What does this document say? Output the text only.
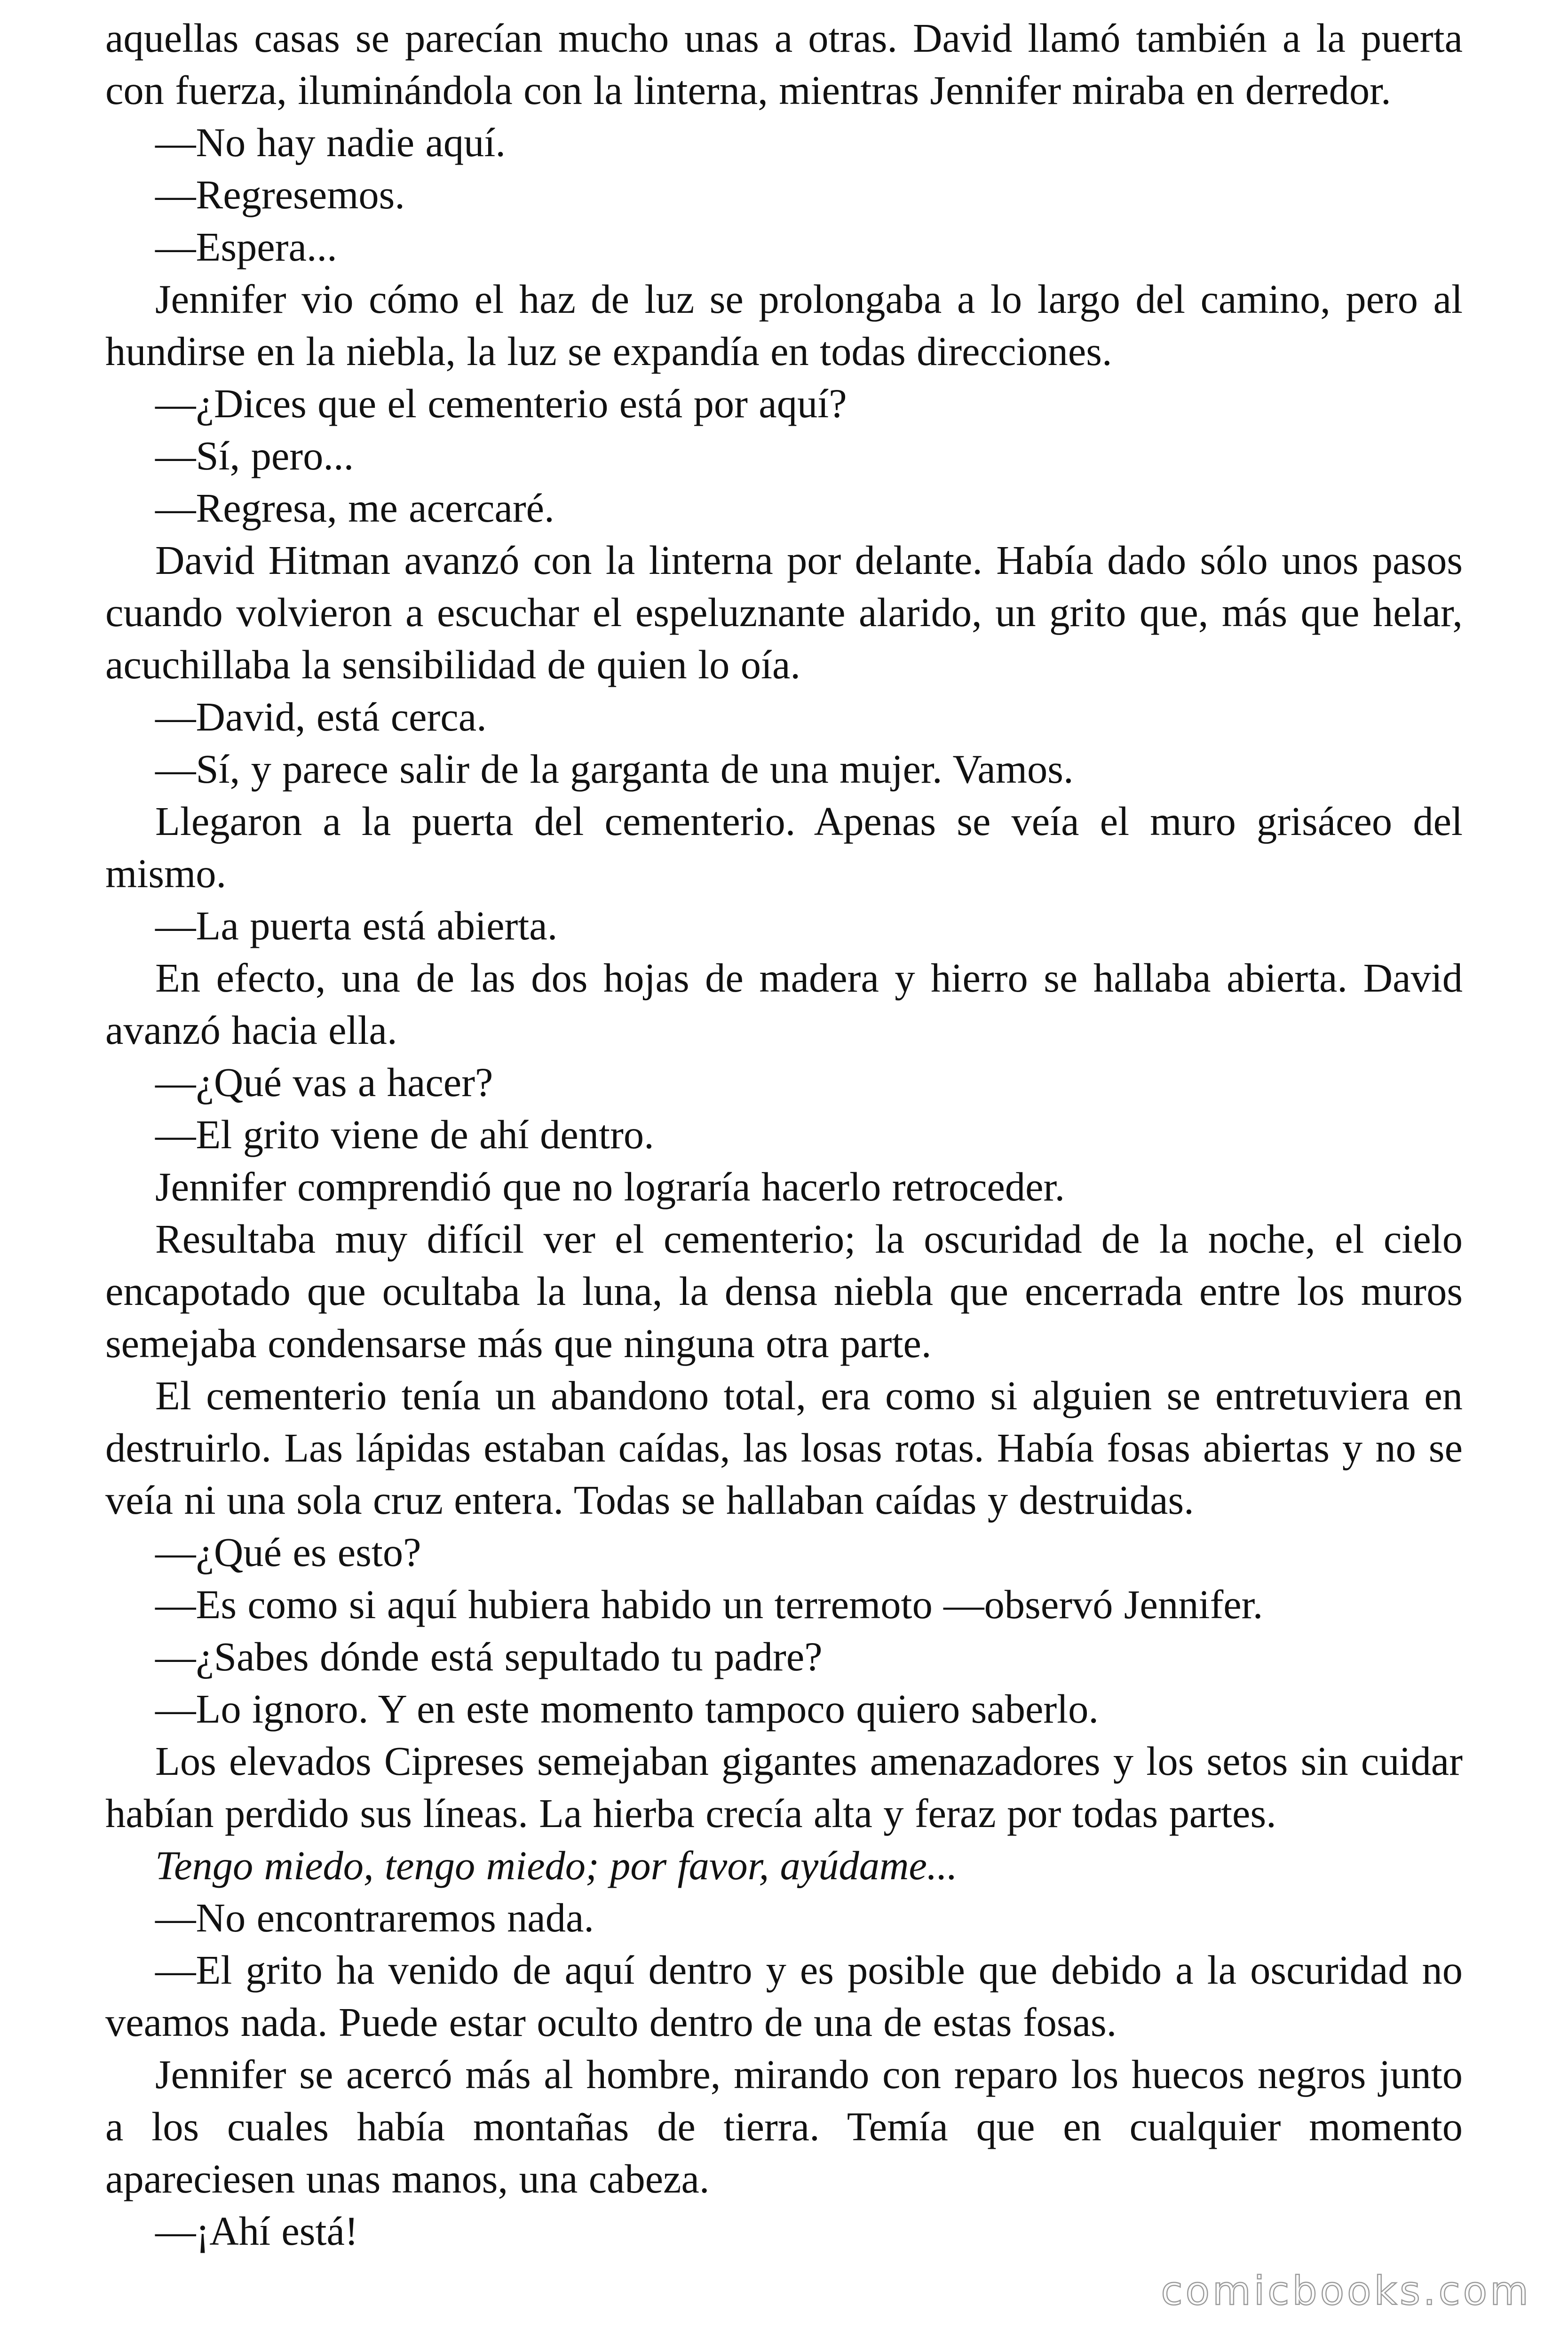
aquellas casas se parecían mucho unas a otras. David llamó también a la puerta con fuerza, iluminándola con la linterna, mientras Jennifer miraba en derredor.

—No hay nadie aquí.

—Regresemos.

—Espera...

Jennifer vio cómo el haz de luz se prolongaba a lo largo del camino, pero al hundirse en la niebla, la luz se expandía en todas direcciones.

—¿Dices que el cementerio está por aquí?

—Sí, pero...

—Regresa, me acercaré.

David Hitman avanzó con la linterna por delante. Había dado sólo unos pasos cuando volvieron a escuchar el espeluznante alarido, un grito que, más que helar, acuchillaba la sensibilidad de quien lo oía.

—David, está cerca.

—Sí, y parece salir de la garganta de una mujer. Vamos.

Llegaron a la puerta del cementerio. Apenas se veía el muro grisáceo del mismo.

—La puerta está abierta.

En efecto, una de las dos hojas de madera y hierro se hallaba abierta. David avanzó hacia ella.

—¿Qué vas a hacer?

—El grito viene de ahí dentro.

Jennifer comprendió que no lograría hacerlo retroceder.

Resultaba muy difícil ver el cementerio; la oscuridad de la noche, el cielo encapotado que ocultaba la luna, la densa niebla que encerrada entre los muros semejaba condensarse más que ninguna otra parte.

El cementerio tenía un abandono total, era como si alguien se entretuviera en destruirlo. Las lápidas estaban caídas, las losas rotas. Había fosas abiertas y no se veía ni una sola cruz entera. Todas se hallaban caídas y destruidas.

—¿Qué es esto?

—Es como si aquí hubiera habido un terremoto —observó Jennifer.

—¿Sabes dónde está sepultado tu padre?

—Lo ignoro. Y en este momento tampoco quiero saberlo.

Los elevados Cipreses semejaban gigantes amenazadores y los setos sin cuidar habían perdido sus líneas. La hierba crecía alta y feraz por todas partes.

Tengo miedo, tengo miedo; por favor, ayúdame...

—No encontraremos nada.

—El grito ha venido de aquí dentro y es posible que debido a la oscuridad no veamos nada. Puede estar oculto dentro de una de estas fosas.

Jennifer se acercó más al hombre, mirando con reparo los huecos negros junto a los cuales había montañas de tierra. Temía que en cualquier momento apareciesen unas manos, una cabeza.

—¡Ahí está!

comicbooks.com
